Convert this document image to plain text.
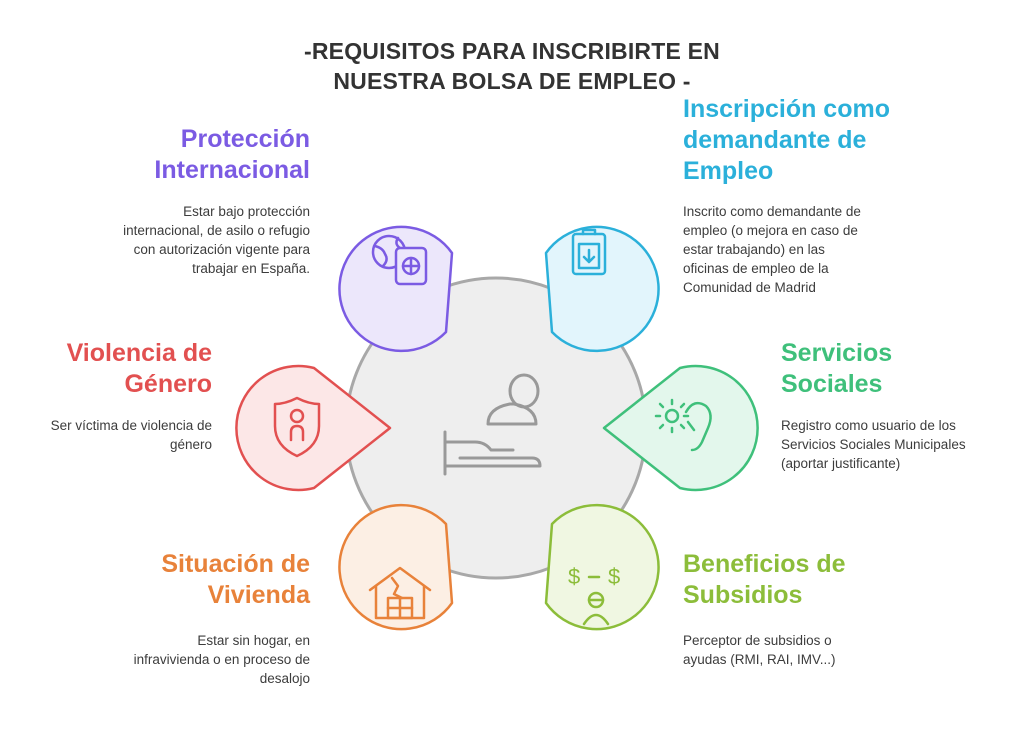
$ $
-REQUISITOS PARA INSCRIBIRTE EN
NUESTRA BOLSA DE EMPLEO -
Protección
Internacional
Estar bajo protección
internacional, de asilo o refugio
con autorización vigente para
trabajar en España.
Inscripción como
demandante de
Empleo
Inscrito como demandante de
empleo (o mejora en caso de
estar trabajando) en las
oficinas de empleo de la
Comunidad de Madrid
Servicios
Sociales
Registro como usuario de los
Servicios Sociales Municipales
(aportar justificante)
Beneficios de
Subsidios
Perceptor de subsidios o
ayudas (RMI, RAI, IMV...)
Situación de
Vivienda
Estar sin hogar, en
infravivienda o en proceso de
desalojo
Violencia de
Género
Ser víctima de violencia de
género
